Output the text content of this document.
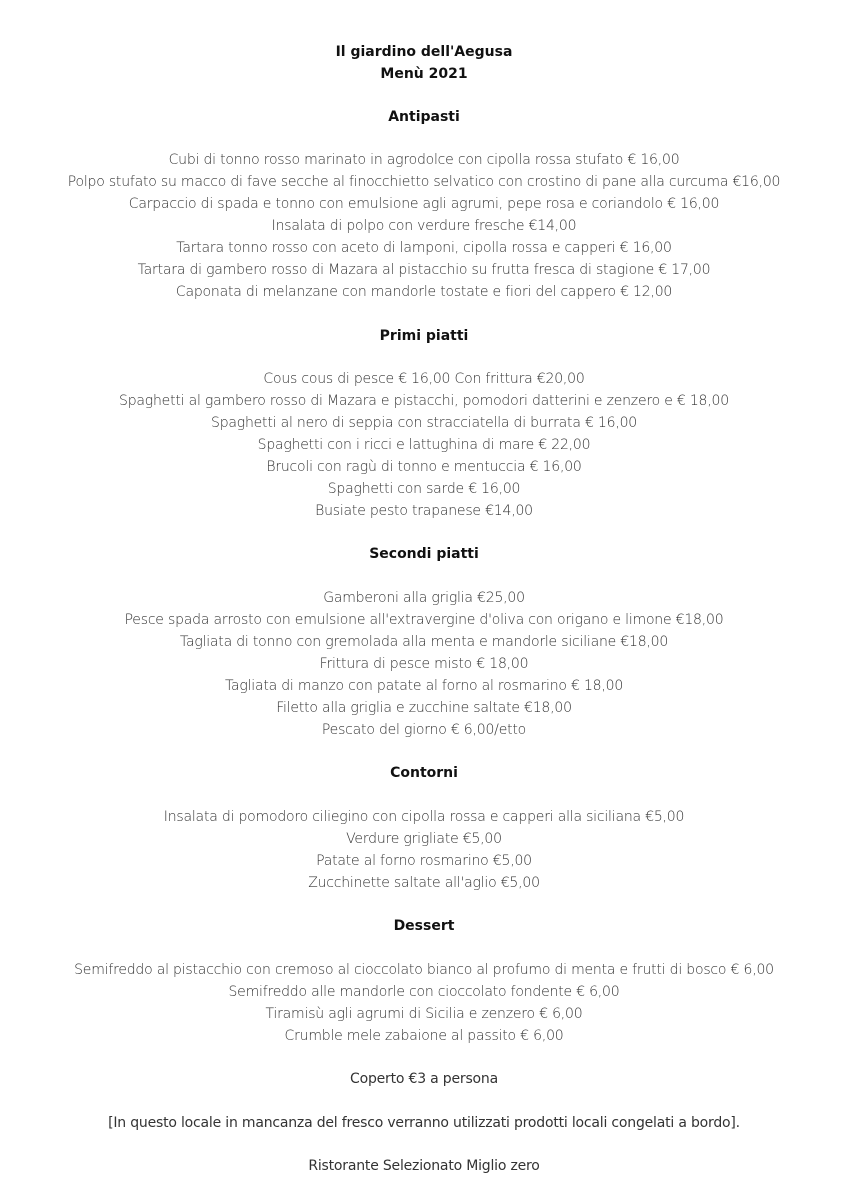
Il giardino dell'Aegusa
Menù 2021
Antipasti
Cubi di tonno rosso marinato in agrodolce con cipolla rossa stufato € 16,00
Polpo stufato su macco di fave secche al finocchietto selvatico con crostino di pane alla curcuma €16,00
Carpaccio di spada e tonno con emulsione agli agrumi, pepe rosa e coriandolo € 16,00
Insalata di polpo con verdure fresche €14,00
Tartara tonno rosso con aceto di lamponi, cipolla rossa e capperi € 16,00
Tartara di gambero rosso di Mazara al pistacchio su frutta fresca di stagione € 17,00
Caponata di melanzane con mandorle tostate e fiori del cappero € 12,00
Primi piatti
Cous cous di pesce € 16,00 Con frittura €20,00
Spaghetti al gambero rosso di Mazara e pistacchi, pomodori datterini e zenzero e € 18,00
Spaghetti al nero di seppia con stracciatella di burrata € 16,00
Spaghetti con i ricci e lattughina di mare € 22,00
Brucoli con ragù di tonno e mentuccia € 16,00
Spaghetti con sarde € 16,00
Busiate pesto trapanese €14,00
Secondi piatti
Gamberoni alla griglia €25,00
Pesce spada arrosto con emulsione all'extravergine d'oliva con origano e limone €18,00
Tagliata di tonno con gremolada alla menta e mandorle siciliane €18,00
Frittura di pesce misto € 18,00
Tagliata di manzo con patate al forno al rosmarino € 18,00
Filetto alla griglia e zucchine saltate €18,00
Pescato del giorno € 6,00/etto
Contorni
Insalata di pomodoro ciliegino con cipolla rossa e capperi alla siciliana €5,00
Verdure grigliate €5,00
Patate al forno rosmarino €5,00
Zucchinette saltate all'aglio €5,00
Dessert
Semifreddo al pistacchio con cremoso al cioccolato bianco al profumo di menta e frutti di bosco € 6,00
Semifreddo alle mandorle con cioccolato fondente € 6,00
Tiramisù agli agrumi di Sicilia e zenzero € 6,00
Crumble mele zabaione al passito € 6,00
Coperto €3 a persona
[In questo locale in mancanza del fresco verranno utilizzati prodotti locali congelati a bordo].
Ristorante Selezionato Miglio zero
